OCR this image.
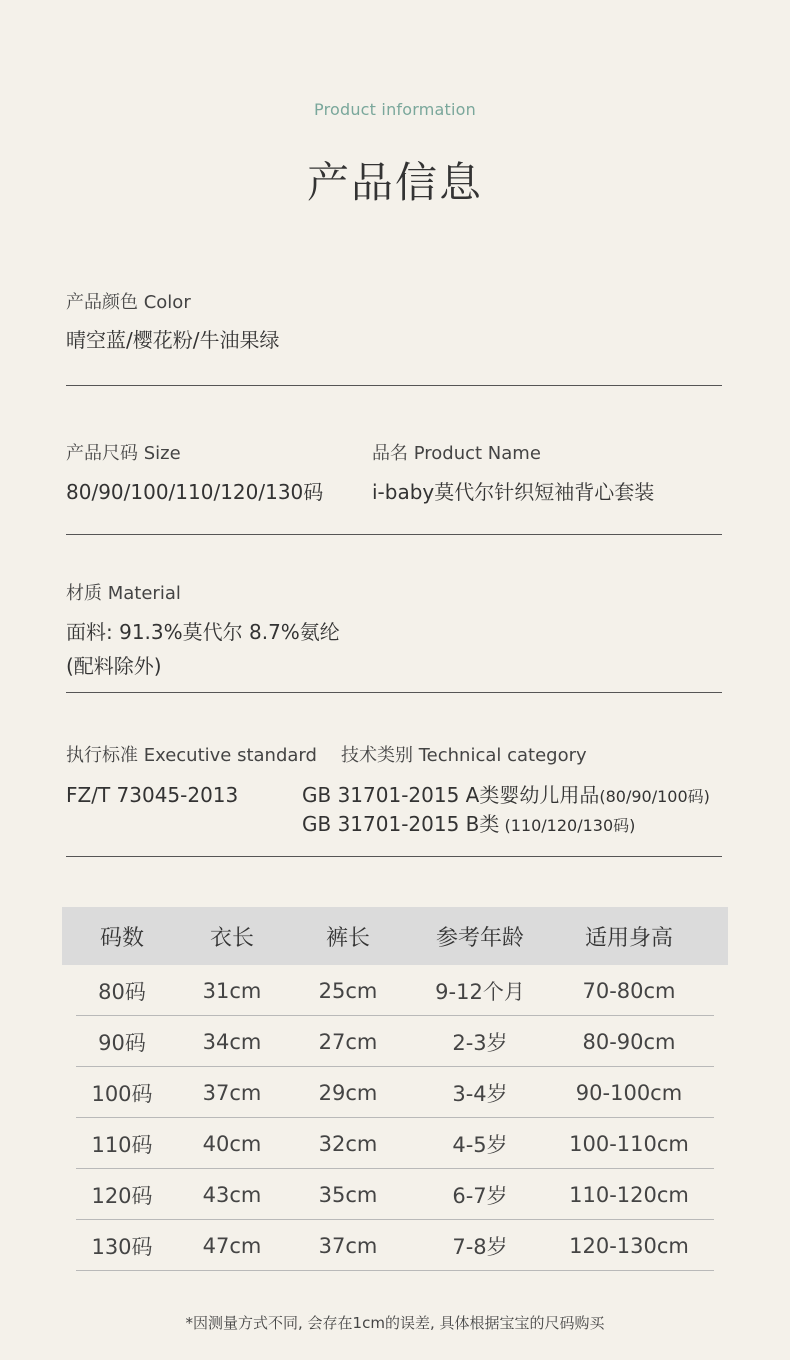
Product information
产品信息
产品颜色 Color
晴空蓝/樱花粉/牛油果绿
产品尺码 Size
80/90/100/110/120/130码
品名 Product Name
i-baby莫代尔针织短袖背心套装
材质 Material
面料: 91.3%莫代尔 8.7%氨纶
(配料除外)
执行标准 Executive standard
FZ/T 73045-2013
技术类别 Technical category
GB 31701-2015 A类婴幼儿用品(80/90/100码)
GB 31701-2015 B类 (110/120/130码)
码数	衣长	裤长	参考年龄	适用身高
80码	31cm	25cm	9-12个月	70-80cm
90码	34cm	27cm	2-3岁	80-90cm
100码	37cm	29cm	3-4岁	90-100cm
110码	40cm	32cm	4-5岁	100-110cm
120码	43cm	35cm	6-7岁	110-120cm
130码	47cm	37cm	7-8岁	120-130cm
*因测量方式不同, 会存在1cm的误差, 具体根据宝宝的尺码购买
